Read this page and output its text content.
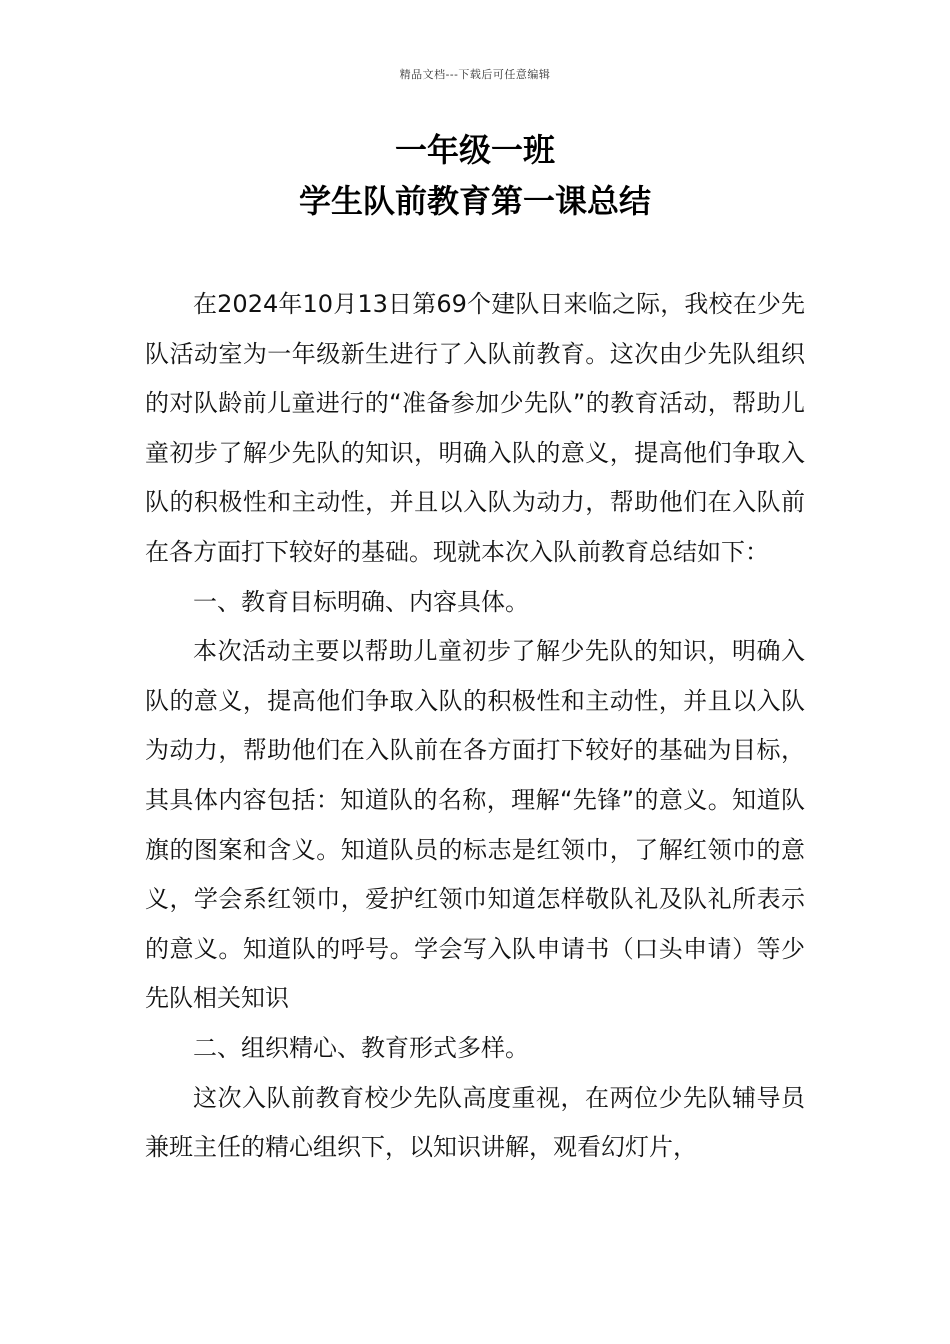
精品文档---下载后可任意编辑
一年级一班
学生队前教育第一课总结

在2024年10月13日第69个建队日来临之际，我校在少先队活动室为一年级新生进行了入队前教育。这次由少先队组织的对队龄前儿童进行的“准备参加少先队”的教育活动，帮助儿童初步了解少先队的知识，明确入队的意义，提高他们争取入队的积极性和主动性，并且以入队为动力，帮助他们在入队前在各方面打下较好的基础。现就本次入队前教育总结如下：

一、教育目标明确、内容具体。

本次活动主要以帮助儿童初步了解少先队的知识，明确入队的意义，提高他们争取入队的积极性和主动性，并且以入队为动力，帮助他们在入队前在各方面打下较好的基础为目标，其具体内容包括：知道队的名称，理解“先锋”的意义。知道队旗的图案和含义。知道队员的标志是红领巾，了解红领巾的意义，学会系红领巾，爱护红领巾知道怎样敬队礼及队礼所表示的意义。知道队的呼号。学会写入队申请书（口头申请）等少先队相关知识

二、组织精心、教育形式多样。

这次入队前教育校少先队高度重视，在两位少先队辅导员兼班主任的精心组织下，以知识讲解，观看幻灯片，
